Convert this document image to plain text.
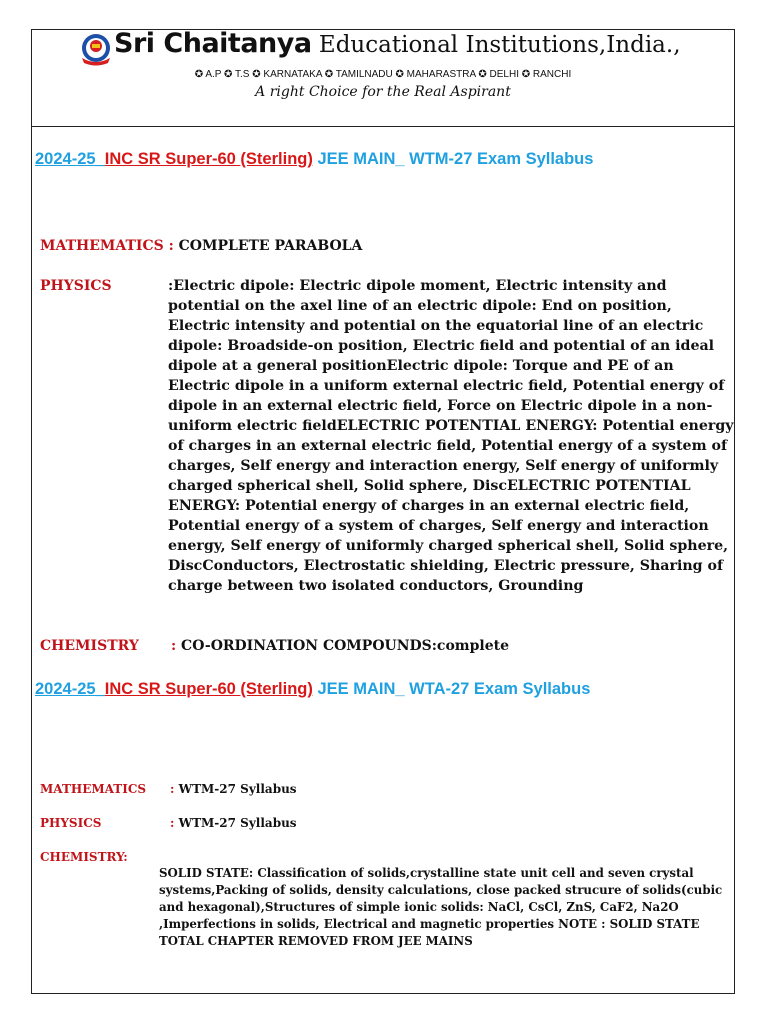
Sri Chaitanya Educational Institutions,India.,
✪ A.P ✪ T.S ✪ KARNATAKA ✪ TAMILNADU ✪ MAHARASTRA ✪ DELHI ✪ RANCHI
A right Choice for the Real Aspirant
2024-25_INC SR Super-60 (Sterling) JEE MAIN_ WTM-27 Exam Syllabus
MATHEMATICS : COMPLETE PARABOLA
PHYSICS	:Electric dipole: Electric dipole moment, Electric intensity and potential on the axel line of an electric dipole: End on position, Electric intensity and potential on the equatorial line of an electric dipole: Broadside-on position, Electric field and potential of an ideal dipole at a general positionElectric dipole: Torque and PE of an Electric dipole in a uniform external electric field, Potential energy of dipole in an external electric field, Force on Electric dipole in a non-uniform electric fieldELECTRIC POTENTIAL ENERGY: Potential energy of charges in an external electric field, Potential energy of a system of charges, Self energy and interaction energy, Self energy of uniformly charged spherical shell, Solid sphere, DiscELECTRIC POTENTIAL ENERGY: Potential energy of charges in an external electric field, Potential energy of a system of charges, Self energy and interaction energy, Self energy of uniformly charged spherical shell, Solid sphere, DiscConductors, Electrostatic shielding, Electric pressure, Sharing of charge between two isolated conductors, Grounding
CHEMISTRY : CO-ORDINATION COMPOUNDS:complete
2024-25_INC SR Super-60 (Sterling) JEE MAIN_ WTA-27 Exam Syllabus
MATHEMATICS : WTM-27 Syllabus
PHYSICS	: WTM-27 Syllabus
CHEMISTRY:
SOLID STATE: Classification of solids,crystalline state unit cell and seven crystal systems,Packing of solids, density calculations, close packed strucure of solids(cubic and hexagonal),Structures of simple ionic solids: NaCl, CsCl, ZnS, CaF2, Na2O ,Imperfections in solids, Electrical and magnetic properties NOTE : SOLID STATE TOTAL CHAPTER REMOVED FROM JEE MAINS
